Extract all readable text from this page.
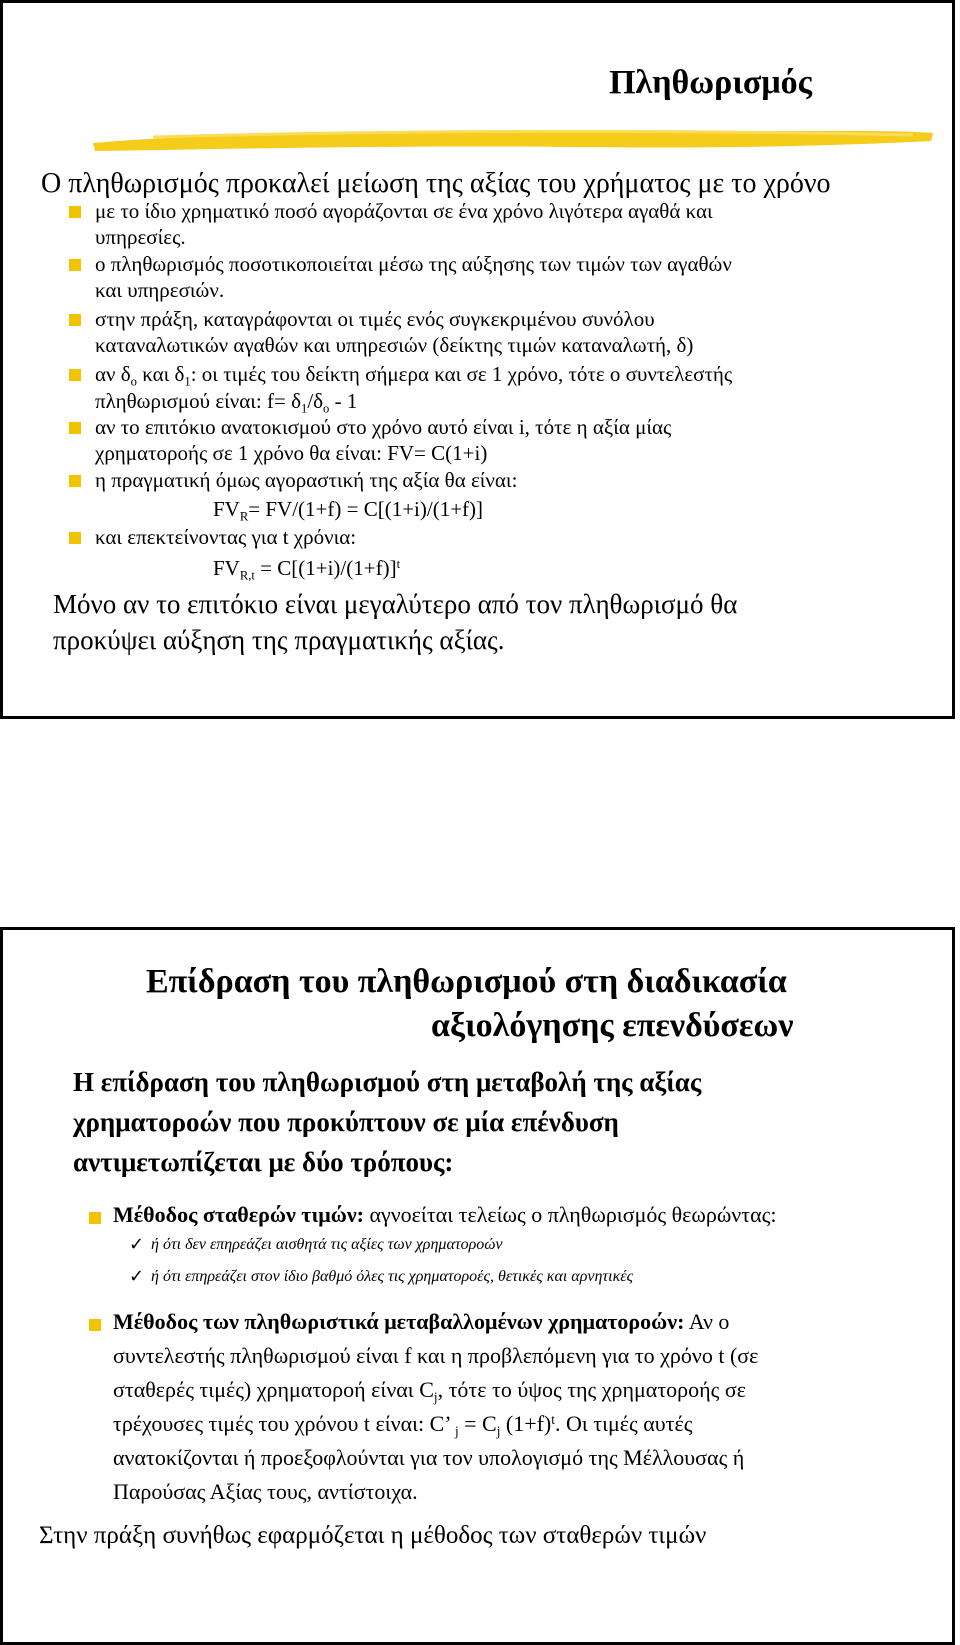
Πληθωρισμός
Ο πληθωρισμός προκαλεί μείωση της αξίας του χρήματος με το χρόνο
με το ίδιο χρηματικό ποσό αγοράζονται σε ένα χρόνο λιγότερα αγαθά και
υπηρεσίες.
ο πληθωρισμός ποσοτικοποιείται μέσω της αύξησης των τιμών των αγαθών
και υπηρεσιών.
στην πράξη, καταγράφονται οι τιμές ενός συγκεκριμένου συνόλου
καταναλωτικών αγαθών και υπηρεσιών (δείκτης τιμών καταναλωτή, δ)
αν $\delta_o$ και $\delta_1$: οι τιμές του δείκτη σήμερα και σε 1 χρόνο, τότε ο συντελεστής
πληθωρισμού είναι: $f= \delta_1/\delta_o - 1$
αν το επιτόκιο ανατοκισμού στο χρόνο αυτό είναι i, τότε η αξία μίας
χρηματοροής σε 1 χρόνο θα είναι: FV= C(1+i)
η πραγματική όμως αγοραστική της αξία θα είναι:
$FV_R= FV/(1+f) = C[(1+i)/(1+f)]$
και επεκτείνοντας για t χρόνια:
$FV_{R,t} = C[(1+i)/(1+f)]^t$
Μόνο αν το επιτόκιο είναι μεγαλύτερο από τον πληθωρισμό θα
προκύψει αύξηση της πραγματικής αξίας.
Επίδραση του πληθωρισμού στη διαδικασία
αξιολόγησης επενδύσεων
Η επίδραση του πληθωρισμού στη μεταβολή της αξίας
χρηματοροών που προκύπτουν σε μία επένδυση
αντιμετωπίζεται με δύο τρόπους:
Μέθοδος σταθερών τιμών: αγνοείται τελείως ο πληθωρισμός θεωρώντας:
✓ ή ότι δεν επηρεάζει αισθητά τις αξίες των χρηματοροών
✓ ή ότι επηρεάζει στον ίδιο βαθμό όλες τις χρηματοροές, θετικές και αρνητικές
Μέθοδος των πληθωριστικά μεταβαλλομένων χρηματοροών: Αν ο
συντελεστής πληθωρισμού είναι f και η προβλεπόμενη για το χρόνο t (σε
σταθερές τιμές) χρηματοροή είναι $C_j$, τότε το ύψος της χρηματοροής σε
τρέχουσες τιμές του χρόνου t είναι: C’ $_j = C_j$ $(1+f)^t$. Οι τιμές αυτές
ανατοκίζονται ή προεξοφλούνται για τον υπολογισμό της Μέλλουσας ή
Παρούσας Αξίας τους, αντίστοιχα.
Στην πράξη συνήθως εφαρμόζεται η μέθοδος των σταθερών τιμών
